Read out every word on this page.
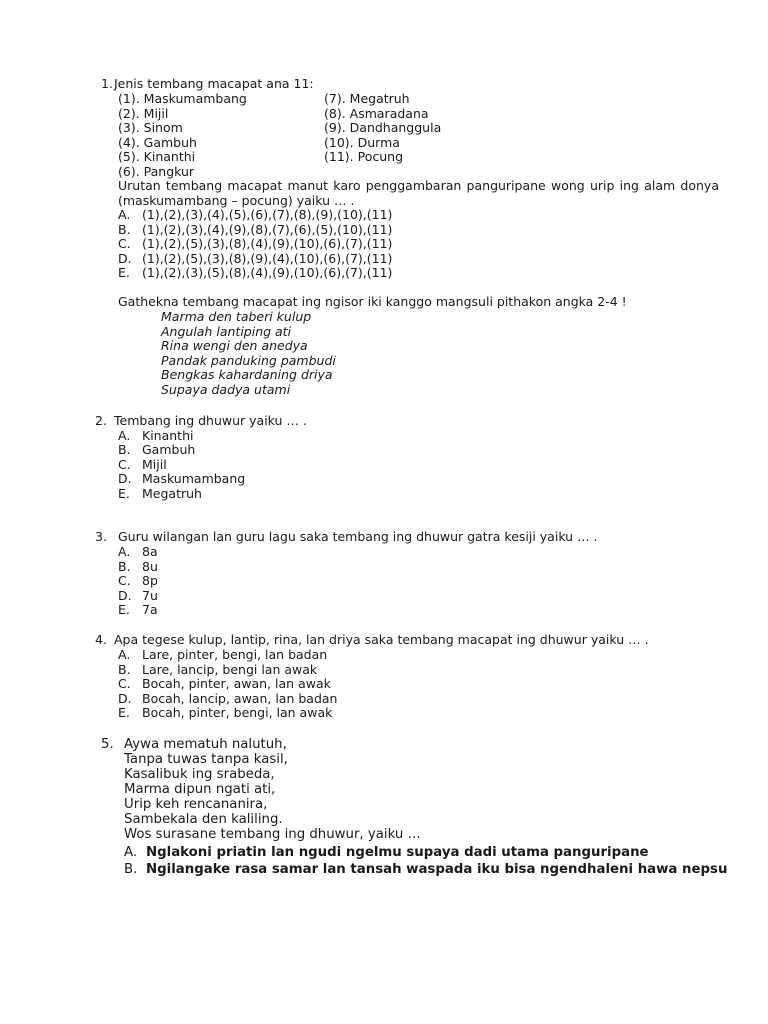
1. Jenis tembang macapat ana 11:
(1). Maskumambang
(2). Mijil
(3). Sinom
(4). Gambuh
(5). Kinanthi
(6). Pangkur
(7). Megatruh
(8). Asmaradana
(9). Dandhanggula
(10). Durma
(11). Pocung
Urutan tembang macapat manut karo penggambaran panguripane wong urip ing alam donya
(maskumambang – pocung) yaiku … .
A. (1),(2),(3),(4),(5),(6),(7),(8),(9),(10),(11)
B. (1),(2),(3),(4),(9),(8),(7),(6),(5),(10),(11)
C. (1),(2),(5),(3),(8),(4),(9),(10),(6),(7),(11)
D. (1),(2),(5),(3),(8),(9),(4),(10),(6),(7),(11)
E. (1),(2),(3),(5),(8),(4),(9),(10),(6),(7),(11)
Gathekna tembang macapat ing ngisor iki kanggo mangsuli pithakon angka 2-4 !
Marma den taberi kulup
Angulah lantiping ati
Rina wengi den anedya
Pandak panduking pambudi
Bengkas kahardaning driya
Supaya dadya utami
2. Tembang ing dhuwur yaiku … .
A. Kinanthi
B. Gambuh
C. Mijil
D. Maskumambang
E. Megatruh
3. Guru wilangan lan guru lagu saka tembang ing dhuwur gatra kesiji yaiku … .
A. 8a
B. 8u
C. 8p
D. 7u
E. 7a
4. Apa tegese kulup, lantip, rina, lan driya saka tembang macapat ing dhuwur yaiku … .
A. Lare, pinter, bengi, lan badan
B. Lare, lancip, bengi lan awak
C. Bocah, pinter, awan, lan awak
D. Bocah, lancip, awan, lan badan
E. Bocah, pinter, bengi, lan awak
5. Aywa mematuh nalutuh,
Tanpa tuwas tanpa kasil,
Kasalibuk ing srabeda,
Marma dipun ngati ati,
Urip keh rencananira,
Sambekala den kaliling.
Wos surasane tembang ing dhuwur, yaiku …
A. Nglakoni priatin lan ngudi ngelmu supaya dadi utama panguripane
B. Ngilangake rasa samar lan tansah waspada iku bisa ngendhaleni hawa nepsu
